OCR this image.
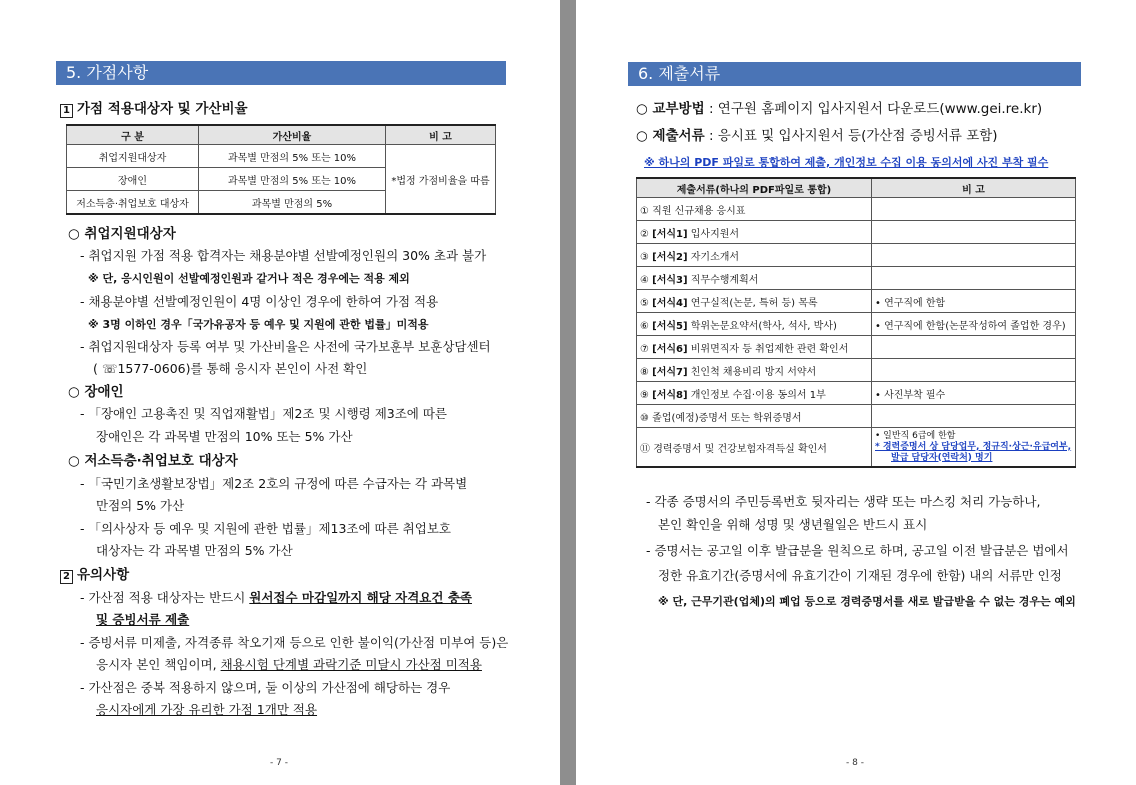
5. 가점사항
1 가점 적용대상자 및 가산비율
구 분	가산비율	비 고
취업지원대상자	과목별 만점의 5% 또는 10%	*법정 가점비율을 따름
장애인	과목별 만점의 5% 또는 10%	
저소득층·취업보호 대상자	과목별 만점의 5%	
○ 취업지원대상자
- 취업지원 가점 적용 합격자는 채용분야별 선발예정인원의 30% 초과 불가
※ 단, 응시인원이 선발예정인원과 같거나 적은 경우에는 적용 제외
- 채용분야별 선발예정인원이 4명 이상인 경우에 한하여 가점 적용
※ 3명 이하인 경우「국가유공자 등 예우 및 지원에 관한 법률」미적용
- 취업지원대상자 등록 여부 및 가산비율은 사전에 국가보훈부 보훈상담센터
( ☏1577-0606)를 통해 응시자 본인이 사전 확인
○ 장애인
- 「장애인 고용촉진 및 직업재활법」제2조 및 시행령 제3조에 따른
장애인은 각 과목별 만점의 10% 또는 5% 가산
○ 저소득층·취업보호 대상자
- 「국민기초생활보장법」제2조 2호의 규정에 따른 수급자는 각 과목별
만점의 5% 가산
- 「의사상자 등 예우 및 지원에 관한 법률」제13조에 따른 취업보호
대상자는 각 과목별 만점의 5% 가산
2 유의사항
- 가산점 적용 대상자는 반드시 원서접수 마감일까지 해당 자격요건 충족
및 증빙서류 제출
- 증빙서류 미제출, 자격종류 착오기재 등으로 인한 불이익(가산점 미부여 등)은
응시자 본인 책임이며, 채용시험 단계별 과락기준 미달시 가산점 미적용
- 가산점은 중복 적용하지 않으며, 둘 이상의 가산점에 해당하는 경우
응시자에게 가장 유리한 가점 1개만 적용
- 7 -
6. 제출서류
○ 교부방법 : 연구원 홈페이지 입사지원서 다운로드(www.gei.re.kr)
○ 제출서류 : 응시표 및 입사지원서 등(가산점 증빙서류 포함)
※ 하나의 PDF 파일로 통합하여 제출, 개인정보 수집 이용 동의서에 사진 부착 필수
제출서류(하나의 PDF파일로 통합)	비 고
① 직원 신규채용 응시표	
② [서식1] 입사지원서	
③ [서식2] 자기소개서	
④ [서식3] 직무수행계획서	
⑤ [서식4] 연구실적(논문, 특허 등) 목록	• 연구직에 한함
⑥ [서식5] 학위논문요약서(학사, 석사, 박사)	• 연구직에 한함(논문작성하여 졸업한 경우)
⑦ [서식6] 비위면직자 등 취업제한 관련 확인서	
⑧ [서식7] 친인척 채용비리 방지 서약서	
⑨ [서식8] 개인정보 수집·이용 동의서 1부	• 사진부착 필수
⑩ 졸업(예정)증명서 또는 학위증명서	
⑪ 경력증명서 및 건강보험자격득실 확인서	• 일반직 6급에 한함
* 경력증명서 상 담당업무, 정규직·상근·유급여부,
발급 담당자(연락처) 명기
- 각종 증명서의 주민등록번호 뒷자리는 생략 또는 마스킹 처리 가능하나,
본인 확인을 위해 성명 및 생년월일은 반드시 표시
- 증명서는 공고일 이후 발급분을 원칙으로 하며, 공고일 이전 발급분은 법에서
정한 유효기간(증명서에 유효기간이 기재된 경우에 한함) 내의 서류만 인정
※ 단, 근무기관(업체)의 폐업 등으로 경력증명서를 새로 발급받을 수 없는 경우는 예외
- 8 -
